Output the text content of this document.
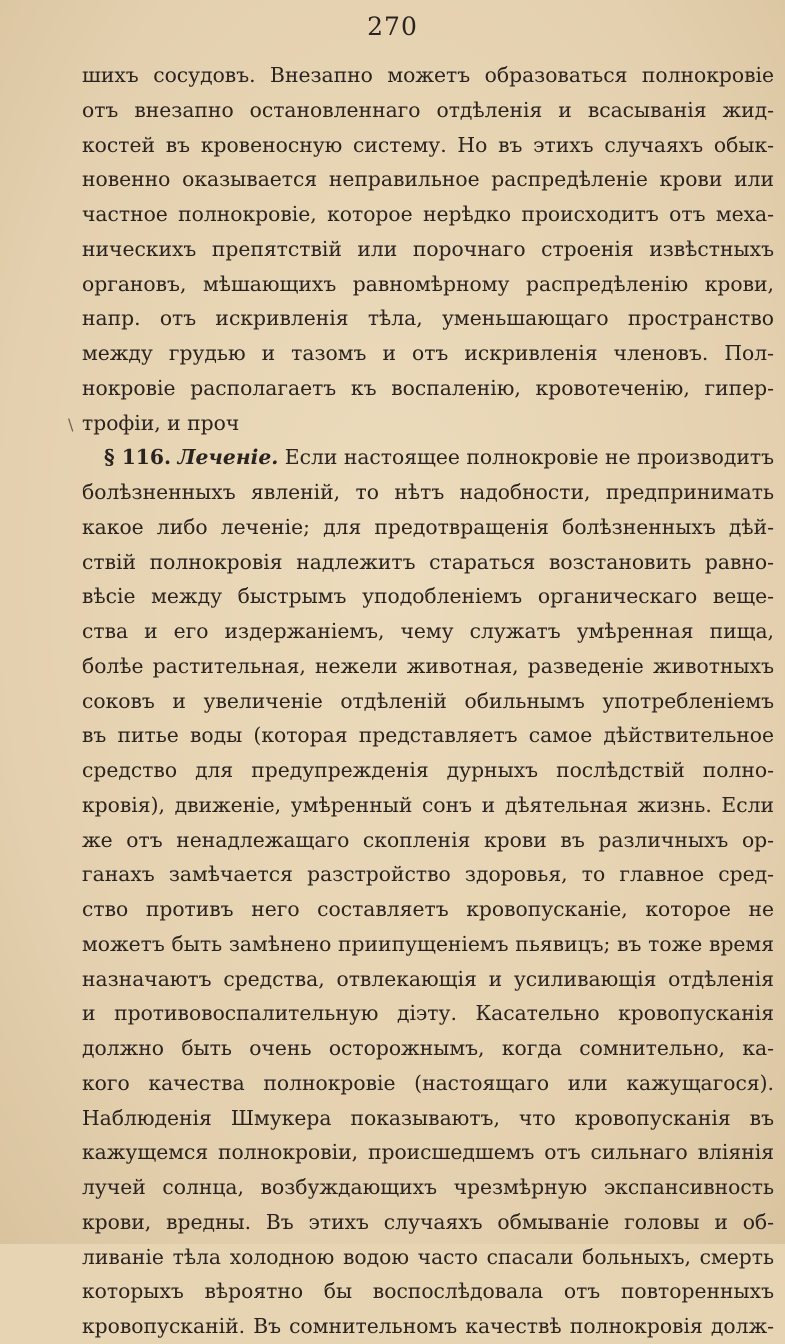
270
\
шихъ сосудовъ. Внезапно можетъ образоваться полнокровіе
отъ внезапно остановленнаго отдѣленія и всасыванія жид-
костей въ кровеносную систему. Но въ этихъ случаяхъ обык-
новенно оказывается неправильное распредѣленіе крови или
частное полнокровіе, которое нерѣдко происходитъ отъ меха-
ническихъ препятствій или порочнаго строенія извѣстныхъ
органовъ, мѣшающихъ равномѣрному распредѣленію крови,
напр. отъ искривленія тѣла, уменьшающаго пространство
между грудью и тазомъ и отъ искривленія членовъ. Пол-
нокровіе располагаетъ къ воспаленію, кровотеченію, гипер-
трофіи, и проч
§ 116. Леченіе. Если настоящее полнокровіе не производитъ
болѣзненныхъ явленій, то нѣтъ надобности, предпринимать
какое либо леченіе; для предотвращенія болѣзненныхъ дѣй-
ствій полнокровія надлежитъ стараться возстановить равно-
вѣсіе между быстрымъ уподобленіемъ органическаго веще-
ства и его издержаніемъ, чему служатъ умѣренная пища,
болѣе растительная, нежели животная, разведеніе животныхъ
соковъ и увеличеніе отдѣленій обильнымъ употребленіемъ
въ питье воды (которая представляетъ самое дѣйствительное
средство для предупрежденія дурныхъ послѣдствій полно-
кровія), движеніе, умѣренный сонъ и дѣятельная жизнь. Если
же отъ ненадлежащаго скопленія крови въ различныхъ ор-
ганахъ замѣчается разстройство здоровья, то главное сред-
ство противъ него составляетъ кровопусканіе, которое не
можетъ быть замѣнено приипущеніемъ пьявицъ; въ тоже время
назначаютъ средства, отвлекающія и усиливающія отдѣленія
и противовоспалительную діэту. Касательно кровопусканія
должно быть очень осторожнымъ, когда сомнительно, ка-
кого качества полнокровіе (настоящаго или кажущагося).
Наблюденія Шмукера показываютъ, что кровопусканія въ
кажущемся полнокровіи, происшедшемъ отъ сильнаго вліянія
лучей солнца, возбуждающихъ чрезмѣрную экспансивность
крови, вредны. Въ этихъ случаяхъ обмываніе головы и об-
ливаніе тѣла холодною водою часто спасали больныхъ, смерть
которыхъ вѣроятно бы воспослѣдовала отъ повторенныхъ
кровопусканій. Въ сомнительномъ качествѣ полнокровія долж-
